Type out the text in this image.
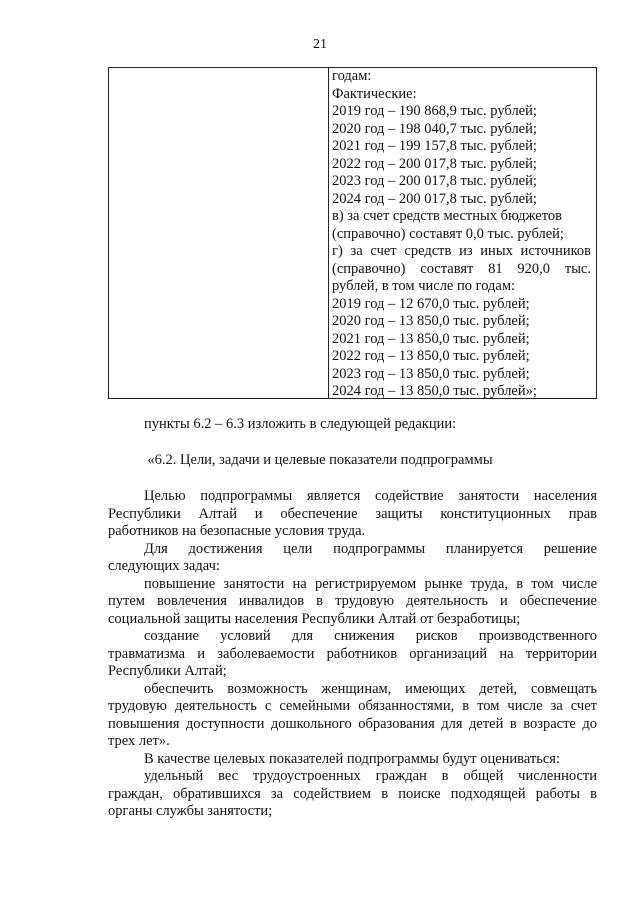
21
годам:
Фактические:
2019 год – 190 868,9 тыс. рублей;
2020 год – 198 040,7 тыс. рублей;
2021 год – 199 157,8 тыс. рублей;
2022 год – 200 017,8 тыс. рублей;
2023 год – 200 017,8 тыс. рублей;
2024 год – 200 017,8 тыс. рублей;
в) за счет средств местных бюджетов
(справочно) составят 0,0 тыс. рублей;
г) за счет средств из иных источников
(справочно) составят 81 920,0 тыс.
рублей, в том числе по годам:
2019 год – 12 670,0 тыс. рублей;
2020 год – 13 850,0 тыс. рублей;
2021 год – 13 850,0 тыс. рублей;
2022 год – 13 850,0 тыс. рублей;
2023 год – 13 850,0 тыс. рублей;
2024 год – 13 850,0 тыс. рублей»;
пункты 6.2 – 6.3 изложить в следующей редакции:
«6.2. Цели, задачи и целевые показатели подпрограммы
Целью подпрограммы является содействие занятости населения
Республики Алтай и обеспечение защиты конституционных прав
работников на безопасные условия труда.
Для достижения цели подпрограммы планируется решение
следующих задач:
повышение занятости на регистрируемом рынке труда, в том числе
путем вовлечения инвалидов в трудовую деятельность и обеспечение
социальной защиты населения Республики Алтай от безработицы;
создание условий для снижения рисков производственного
травматизма и заболеваемости работников организаций на территории
Республики Алтай;
обеспечить возможность женщинам, имеющих детей, совмещать
трудовую деятельность с семейными обязанностями, в том числе за счет
повышения доступности дошкольного образования для детей в возрасте до
трех лет».
В качестве целевых показателей подпрограммы будут оцениваться:
удельный вес трудоустроенных граждан в общей численности
граждан, обратившихся за содействием в поиске подходящей работы в
органы службы занятости;
